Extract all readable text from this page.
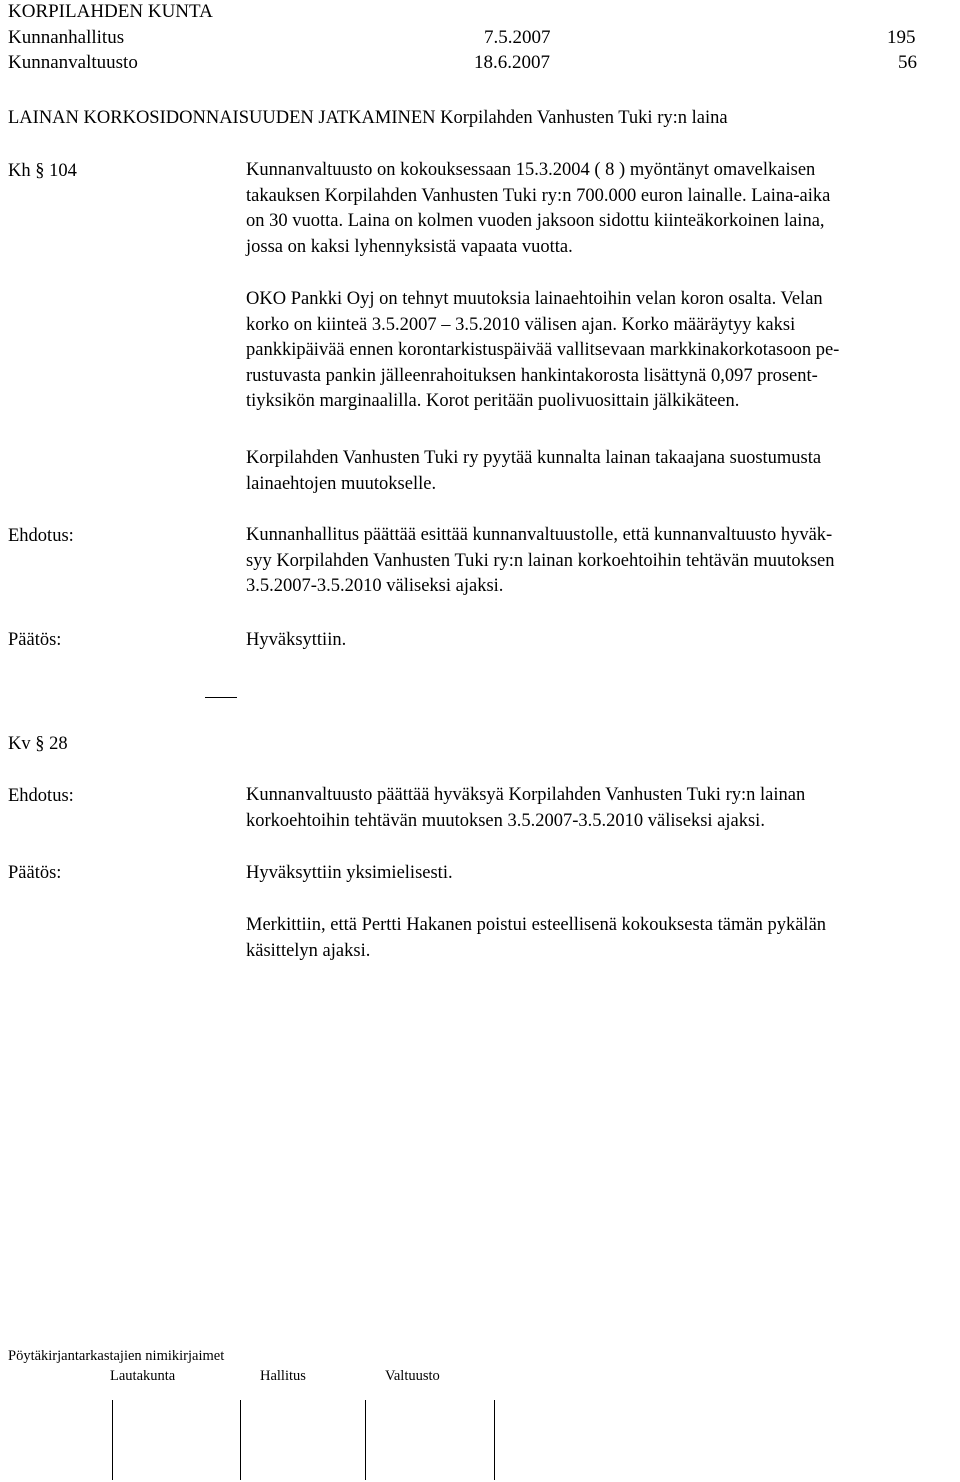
KORPILAHDEN KUNTA
Kunnanhallitus	7.5.2007	195
Kunnanvaltuusto	18.6.2007	56
LAINAN KORKOSIDONNAISUUDEN JATKAMINEN Korpilahden Vanhusten Tuki ry:n laina
Kh § 104	Kunnanvaltuusto on kokouksessaan 15.3.2004 ( 8 ) myöntänyt omavelkaisen
takauksen Korpilahden Vanhusten Tuki ry:n 700.000 euron lainalle. Laina-aika
on 30 vuotta. Laina on kolmen vuoden jaksoon sidottu kiinteäkorkoinen laina,
jossa on kaksi lyhennyksistä vapaata vuotta.
OKO Pankki Oyj on tehnyt muutoksia lainaehtoihin velan koron osalta. Velan
korko on kiinteä 3.5.2007 – 3.5.2010 välisen ajan. Korko määräytyy kaksi
pankkipäivää ennen korontarkistuspäivää vallitsevaan markkinakorkotasoon pe-
rustuvasta pankin jälleenrahoituksen hankintakorosta lisättynä 0,097 prosent-
tiyksikön marginaalilla. Korot peritään puolivuosittain jälkikäteen.
Korpilahden Vanhusten Tuki ry pyytää kunnalta lainan takaajana suostumusta
lainaehtojen muutokselle.
Ehdotus:	Kunnanhallitus päättää esittää kunnanvaltuustolle, että kunnanvaltuusto hyväk-
syy Korpilahden Vanhusten Tuki ry:n lainan korkoehtoihin tehtävän muutoksen
3.5.2007-3.5.2010 väliseksi ajaksi.
Päätös:	Hyväksyttiin.
Kv § 28
Ehdotus:	Kunnanvaltuusto päättää hyväksyä Korpilahden Vanhusten Tuki ry:n lainan
korkoehtoihin tehtävän muutoksen 3.5.2007-3.5.2010 väliseksi ajaksi.
Päätös:	Hyväksyttiin yksimielisesti.
Merkittiin, että Pertti Hakanen poistui esteellisenä kokouksesta tämän pykälän
käsittelyn ajaksi.
Pöytäkirjantarkastajien nimikirjaimet
Lautakunta	Hallitus	Valtuusto
